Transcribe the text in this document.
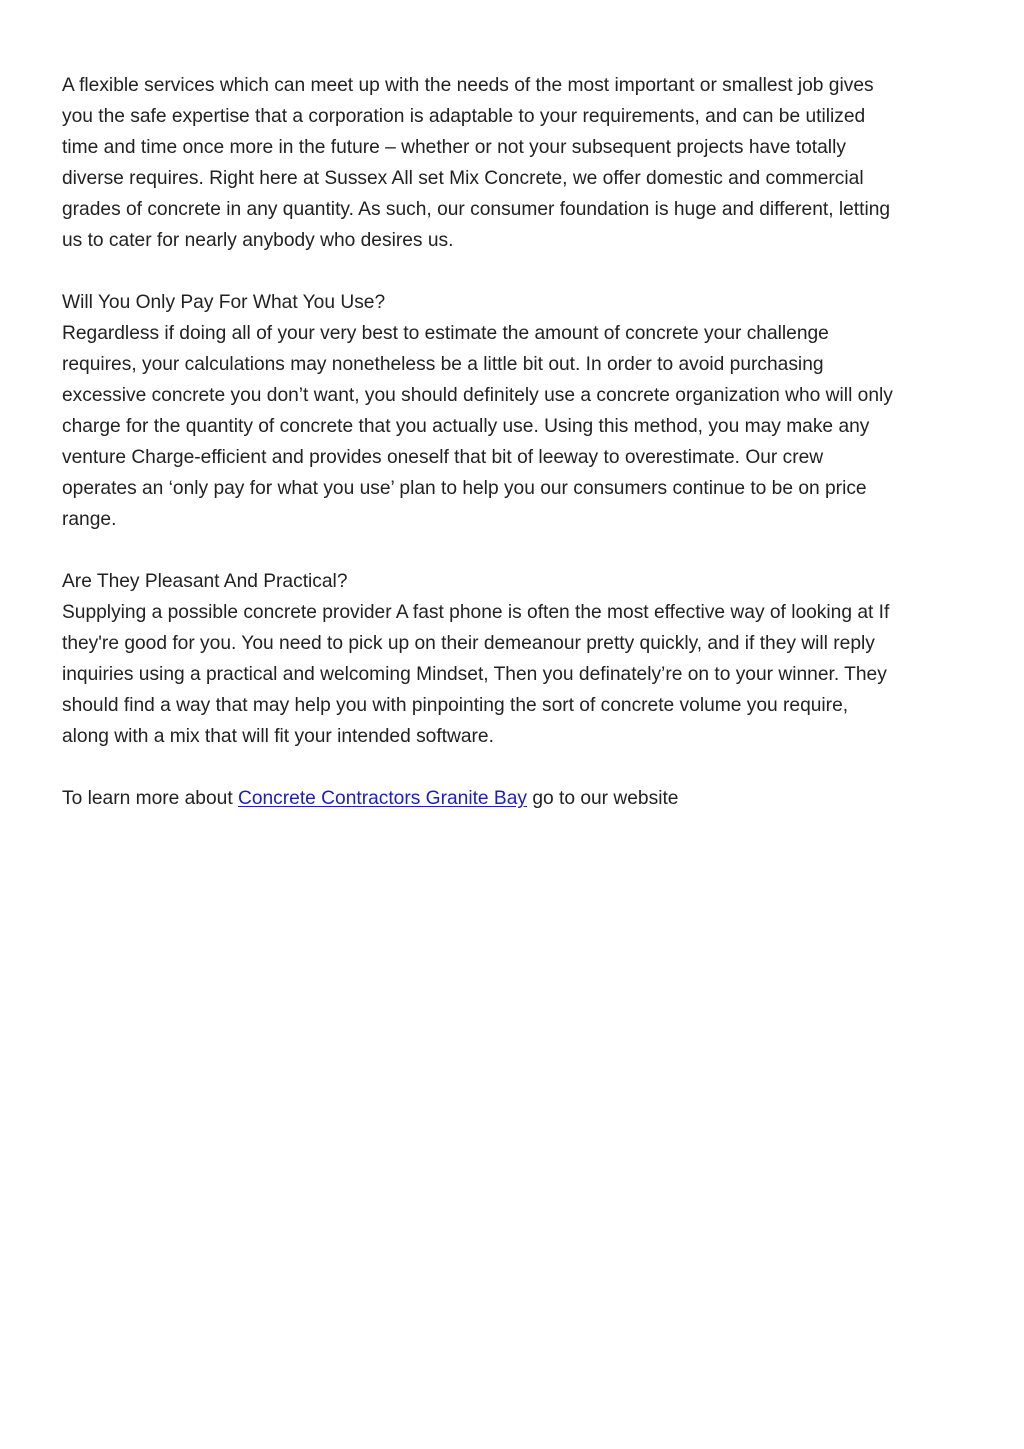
A flexible services which can meet up with the needs of the most important or smallest job gives
you the safe expertise that a corporation is adaptable to your requirements, and can be utilized
time and time once more in the future – whether or not your subsequent projects have totally
diverse requires. Right here at Sussex All set Mix Concrete, we offer domestic and commercial
grades of concrete in any quantity. As such, our consumer foundation is huge and different, letting
us to cater for nearly anybody who desires us.
Will You Only Pay For What You Use?
Regardless if doing all of your very best to estimate the amount of concrete your challenge
requires, your calculations may nonetheless be a little bit out. In order to avoid purchasing
excessive concrete you don’t want, you should definitely use a concrete organization who will only
charge for the quantity of concrete that you actually use. Using this method, you may make any
venture Charge-efficient and provides oneself that bit of leeway to overestimate. Our crew
operates an ‘only pay for what you use’ plan to help you our consumers continue to be on price
range.
Are They Pleasant And Practical?
Supplying a possible concrete provider A fast phone is often the most effective way of looking at If
they're good for you. You need to pick up on their demeanour pretty quickly, and if they will reply
inquiries using a practical and welcoming Mindset, Then you definately’re on to your winner. They
should find a way that may help you with pinpointing the sort of concrete volume you require,
along with a mix that will fit your intended software.
To learn more about Concrete Contractors Granite Bay go to our website
